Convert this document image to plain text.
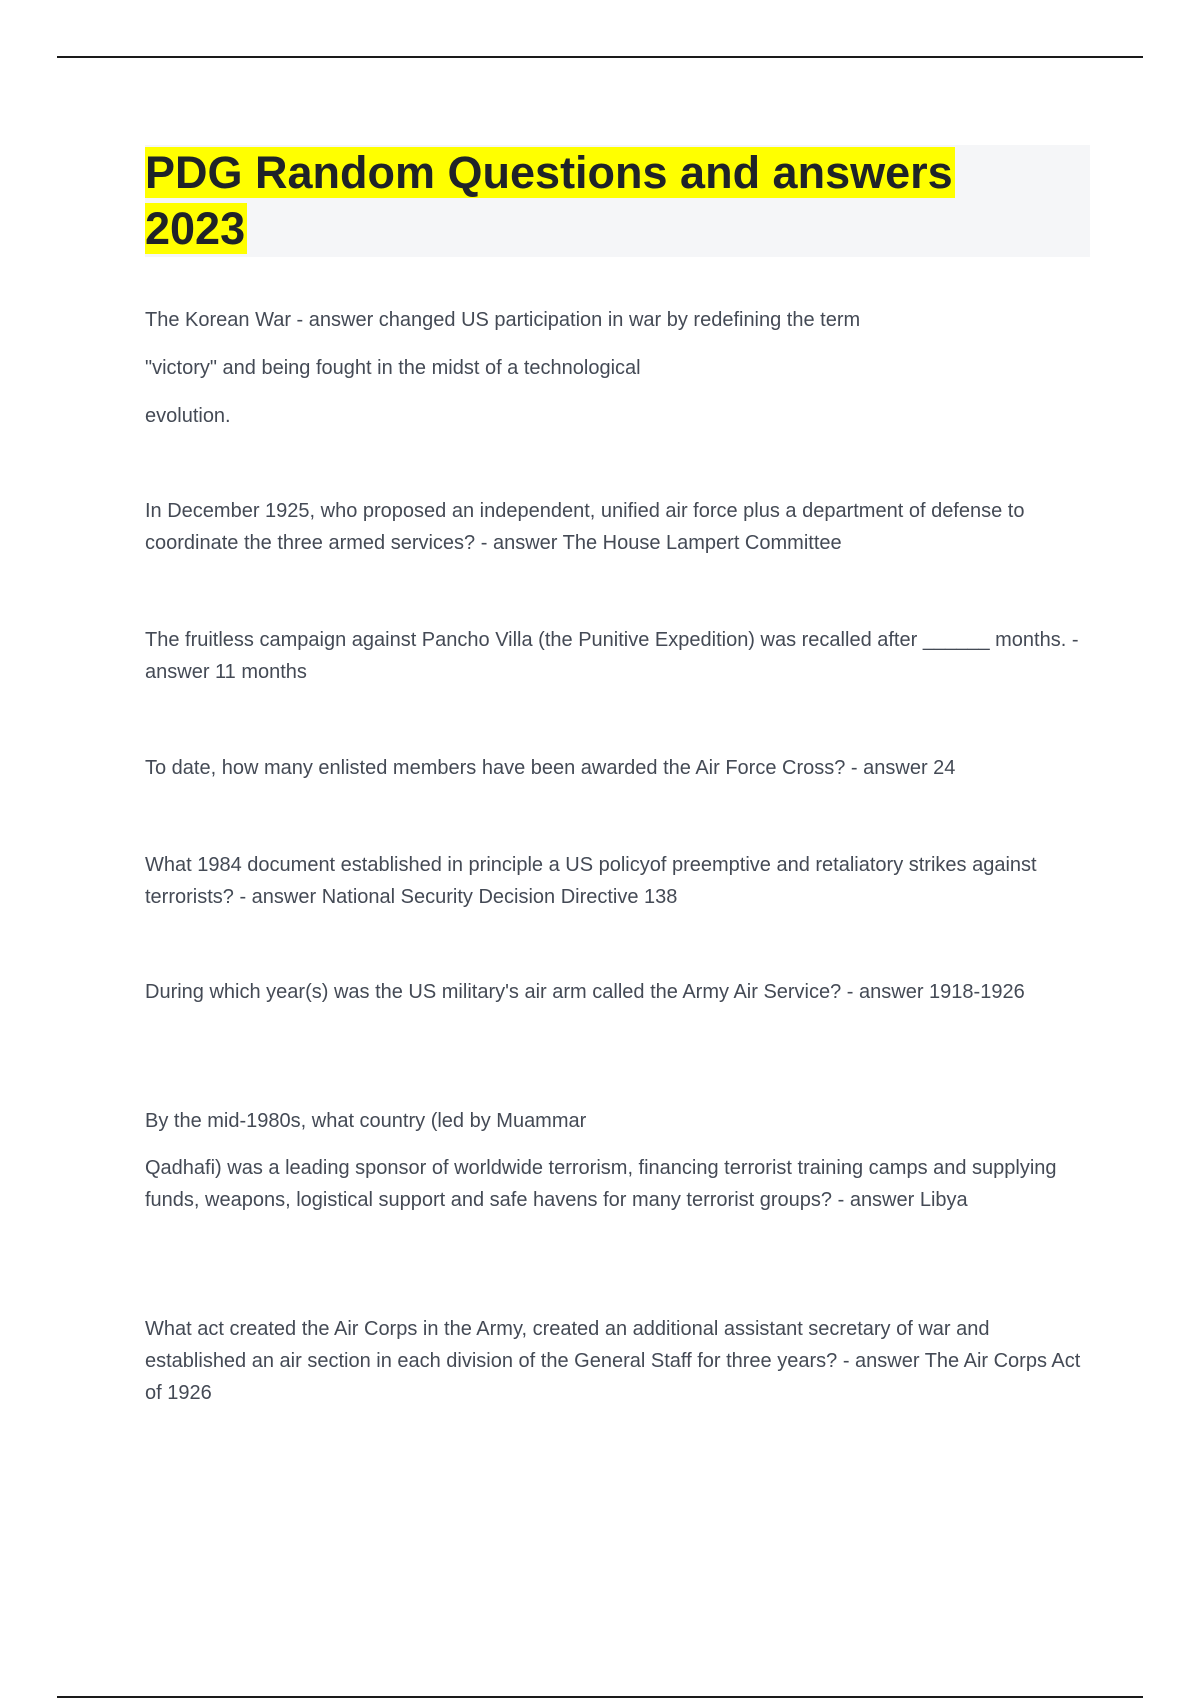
PDG Random Questions and answers 2023

The Korean War - answer changed US participation in war by redefining the term

"victory" and being fought in the midst of a technological

evolution.

In December 1925, who proposed an independent, unified air force plus a department of defense to coordinate the three armed services? - answer The House Lampert Committee

The fruitless campaign against Pancho Villa (the Punitive Expedition) was recalled after ______ months. - answer 11 months

To date, how many enlisted members have been awarded the Air Force Cross? - answer 24

What 1984 document established in principle a US policyof preemptive and retaliatory strikes against terrorists? - answer National Security Decision Directive 138

During which year(s) was the US military's air arm called the Army Air Service? - answer 1918-1926

By the mid-1980s, what country (led by Muammar

Qadhafi) was a leading sponsor of worldwide terrorism, financing terrorist training camps and supplying funds, weapons, logistical support and safe havens for many terrorist groups? - answer Libya

What act created the Air Corps in the Army, created an additional assistant secretary of war and established an air section in each division of the General Staff for three years? - answer The Air Corps Act of 1926
